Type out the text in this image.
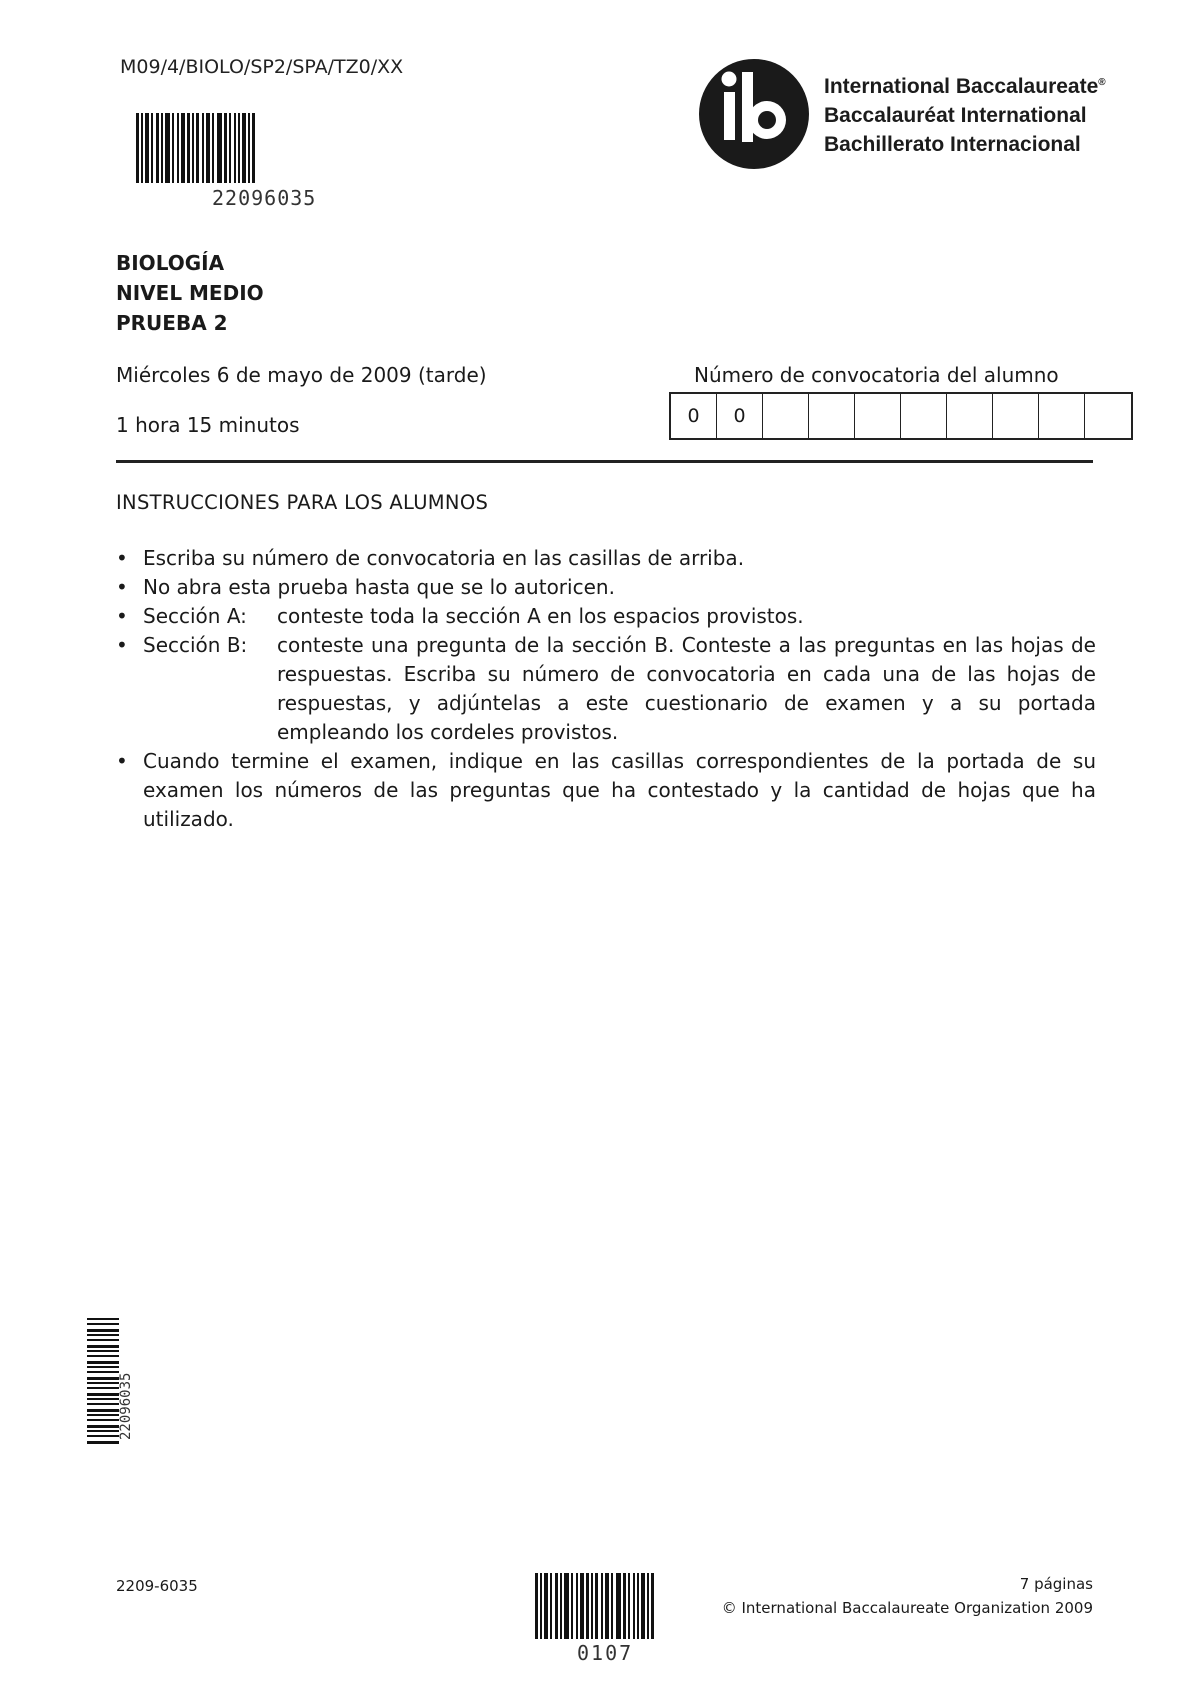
M09/4/BIOLO/SP2/SPA/TZ0/XX
22096035
International Baccalaureate®
Baccalauréat International
Bachillerato Internacional
BIOLOGÍA
NIVEL MEDIO
PRUEBA 2
Miércoles 6 de mayo de 2009 (tarde)
1 hora 15 minutos
Número de convocatoria del alumno
0	0
INSTRUCCIONES PARA LOS ALUMNOS
• Escriba su número de convocatoria en las casillas de arriba.
• No abra esta prueba hasta que se lo autoricen.
• Sección A:	conteste toda la sección A en los espacios provistos.
• Sección B:	conteste una pregunta de la sección B. Conteste a las preguntas en las hojas de respuestas. Escriba su número de convocatoria en cada una de las hojas de respuestas, y adjúntelas a este cuestionario de examen y a su portada empleando los cordeles provistos.
• Cuando termine el examen, indique en las casillas correspondientes de la portada de su examen los números de las preguntas que ha contestado y la cantidad de hojas que ha utilizado.
22096035
2209-6035
0107
7 páginas
© International Baccalaureate Organization 2009
